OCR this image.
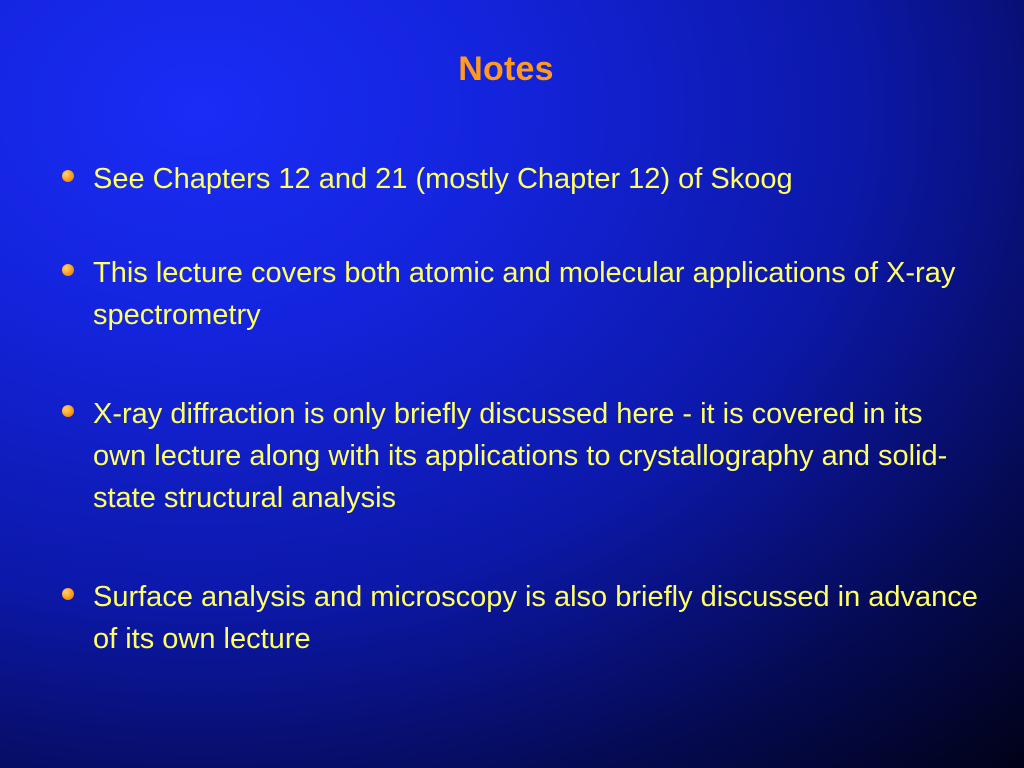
Notes
See Chapters 12 and 21 (mostly Chapter 12) of Skoog
This lecture covers both atomic and molecular applications of X-ray spectrometry
X-ray diffraction is only briefly discussed here - it is covered in its own lecture along with its applications to crystallography and solid-state structural analysis
Surface analysis and microscopy is also briefly discussed in advance of its own lecture
